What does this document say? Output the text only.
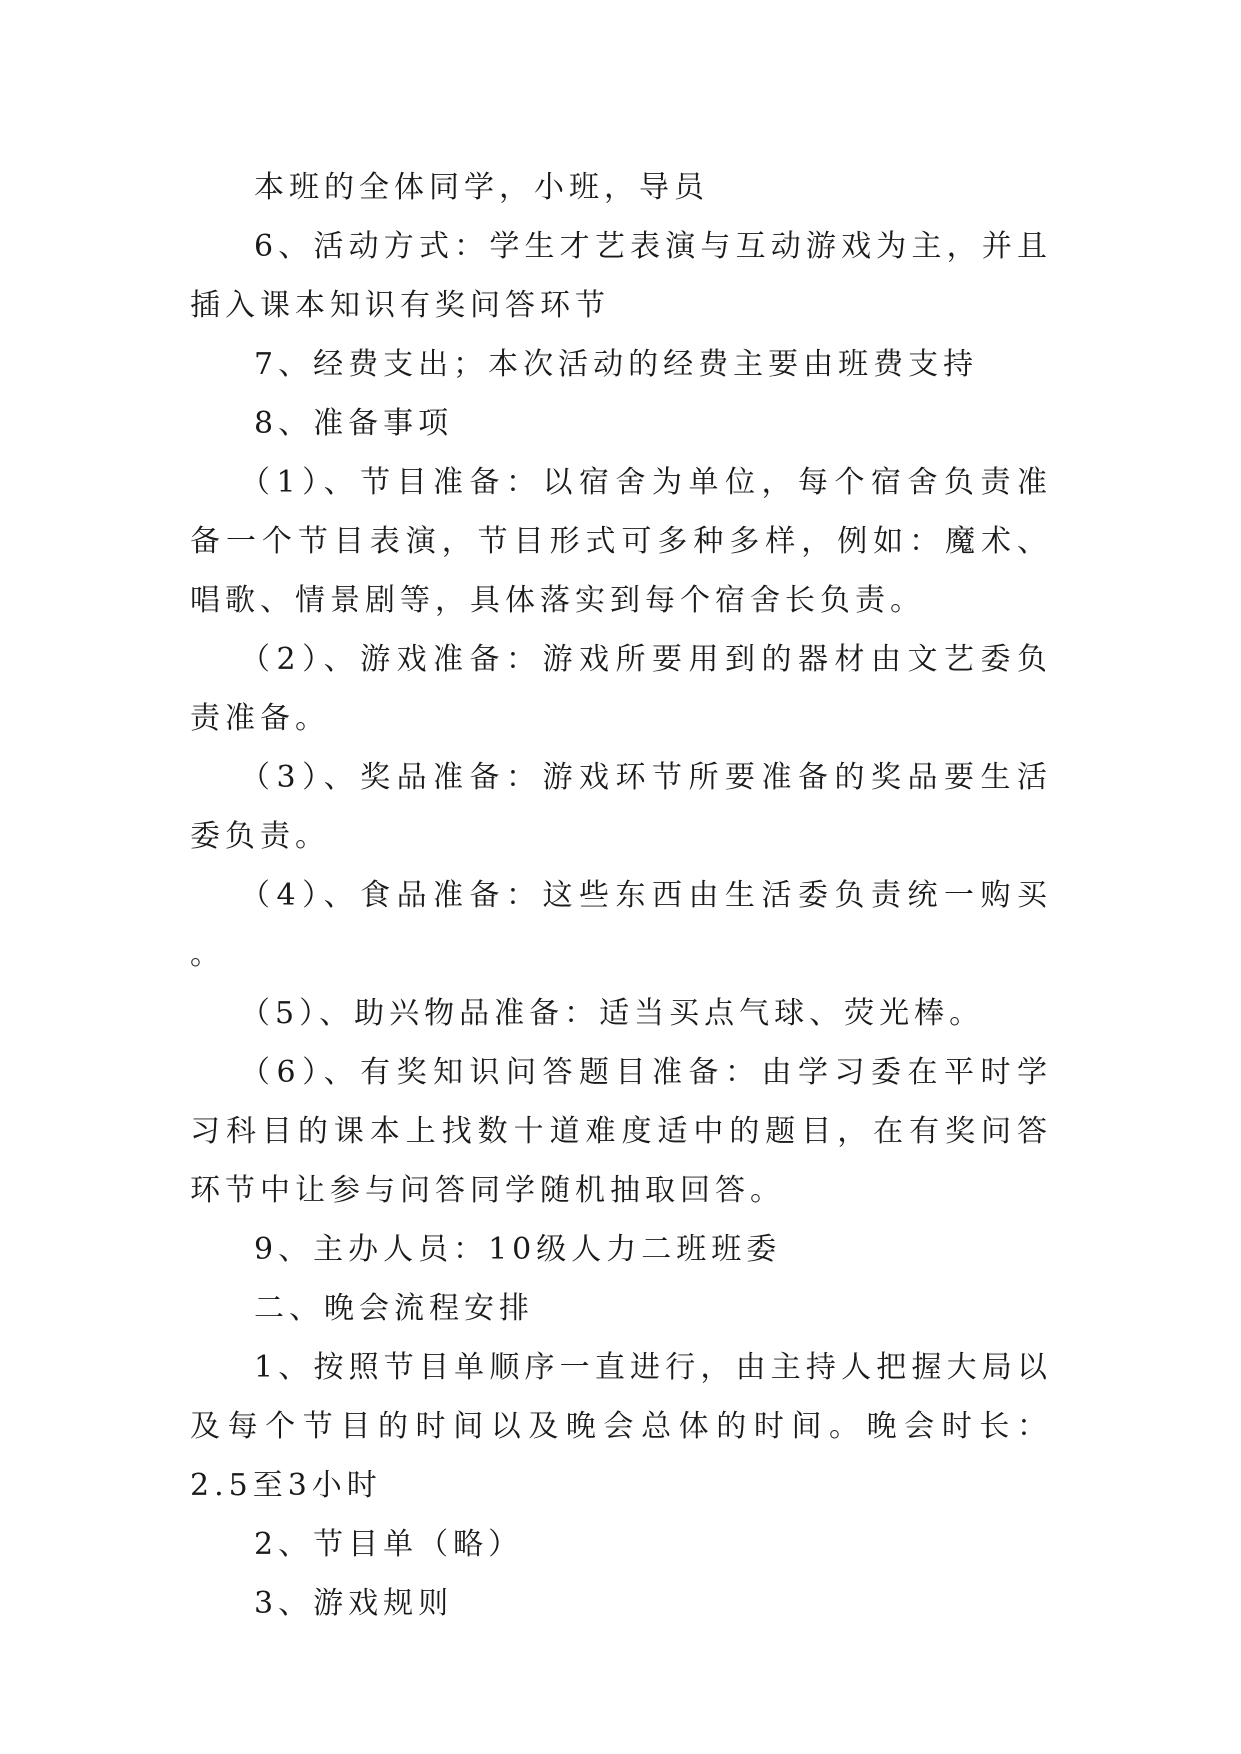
本班的全体同学，小班，导员

6、活动方式：学生才艺表演与互动游戏为主，并且插入课本知识有奖问答环节

7、经费支出；本次活动的经费主要由班费支持

8、准备事项

（1）、节目准备：以宿舍为单位，每个宿舍负责准备一个节目表演，节目形式可多种多样，例如：魔术、唱歌、情景剧等，具体落实到每个宿舍长负责。

（2）、游戏准备：游戏所要用到的器材由文艺委负责准备。

（3）、奖品准备：游戏环节所要准备的奖品要生活委负责。

（4）、食品准备：这些东西由生活委负责统一购买 。

（5）、助兴物品准备：适当买点气球、荧光棒。

（6）、有奖知识问答题目准备：由学习委在平时学习科目的课本上找数十道难度适中的题目，在有奖问答环节中让参与问答同学随机抽取回答。

9、主办人员：10级人力二班班委

二、晚会流程安排

1、按照节目单顺序一直进行，由主持人把握大局以及每个节目的时间以及晚会总体的时间。晚会时长：2.5至3小时

2、节目单（略）

3、游戏规则
